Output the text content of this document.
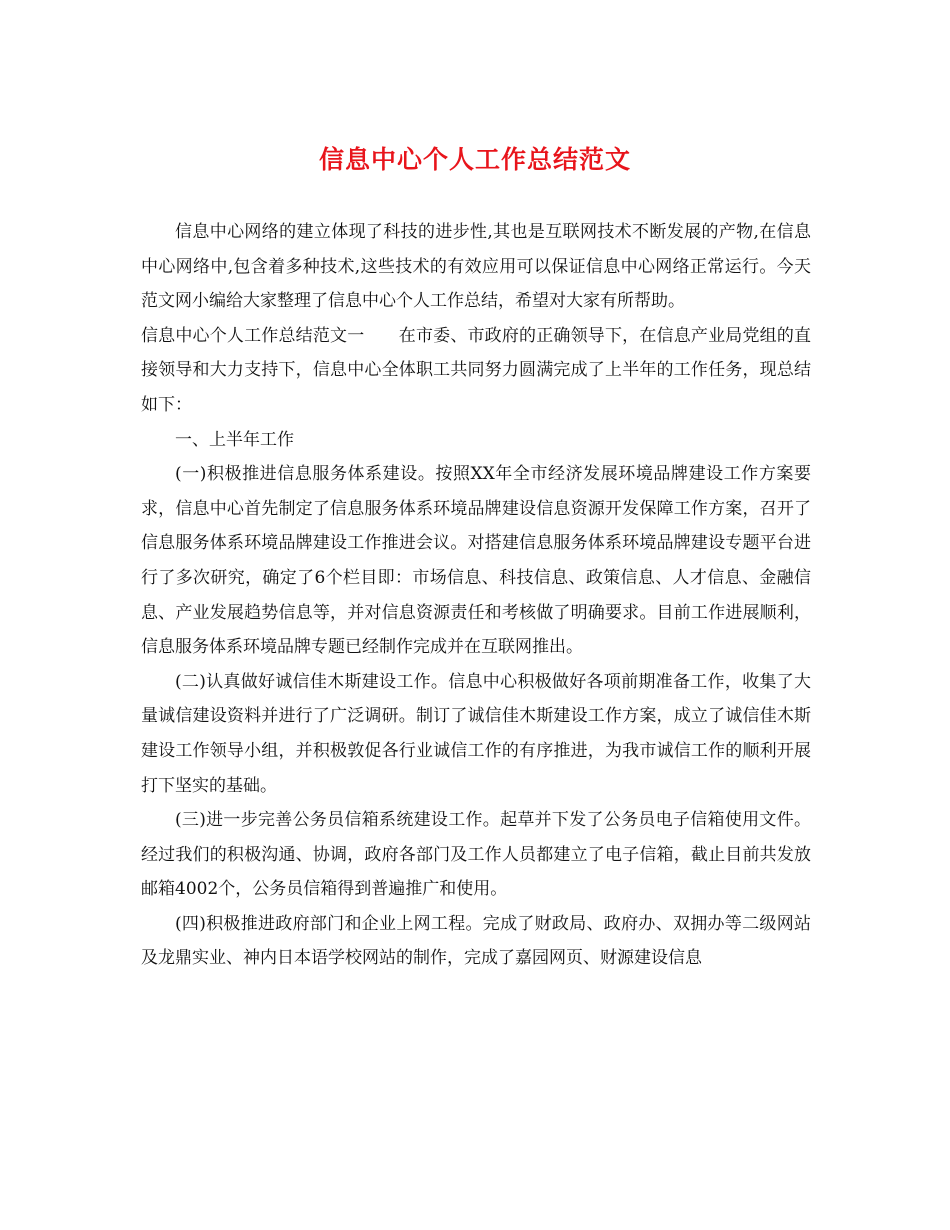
信息中心个人工作总结范文

信息中心网络的建立体现了科技的进步性,其也是互联网技术不断发展的产物,在信息中心网络中,包含着多种技术,这些技术的有效应用可以保证信息中心网络正常运行。今天范文网小编给大家整理了信息中心个人工作总结，希望对大家有所帮助。

信息中心个人工作总结范文一　　在市委、市政府的正确领导下，在信息产业局党组的直接领导和大力支持下，信息中心全体职工共同努力圆满完成了上半年的工作任务，现总结如下：

一、上半年工作

(一)积极推进信息服务体系建设。按照XX年全市经济发展环境品牌建设工作方案要求，信息中心首先制定了信息服务体系环境品牌建设信息资源开发保障工作方案，召开了信息服务体系环境品牌建设工作推进会议。对搭建信息服务体系环境品牌建设专题平台进行了多次研究，确定了6个栏目即：市场信息、科技信息、政策信息、人才信息、金融信息、产业发展趋势信息等，并对信息资源责任和考核做了明确要求。目前工作进展顺利，信息服务体系环境品牌专题已经制作完成并在互联网推出。

(二)认真做好诚信佳木斯建设工作。信息中心积极做好各项前期准备工作，收集了大量诚信建设资料并进行了广泛调研。制订了诚信佳木斯建设工作方案，成立了诚信佳木斯建设工作领导小组，并积极敦促各行业诚信工作的有序推进，为我市诚信工作的顺利开展打下坚实的基础。

(三)进一步完善公务员信箱系统建设工作。起草并下发了公务员电子信箱使用文件。经过我们的积极沟通、协调，政府各部门及工作人员都建立了电子信箱，截止目前共发放邮箱4002个，公务员信箱得到普遍推广和使用。

(四)积极推进政府部门和企业上网工程。完成了财政局、政府办、双拥办等二级网站及龙鼎实业、神内日本语学校网站的制作，完成了嘉园网页、财源建设信息
